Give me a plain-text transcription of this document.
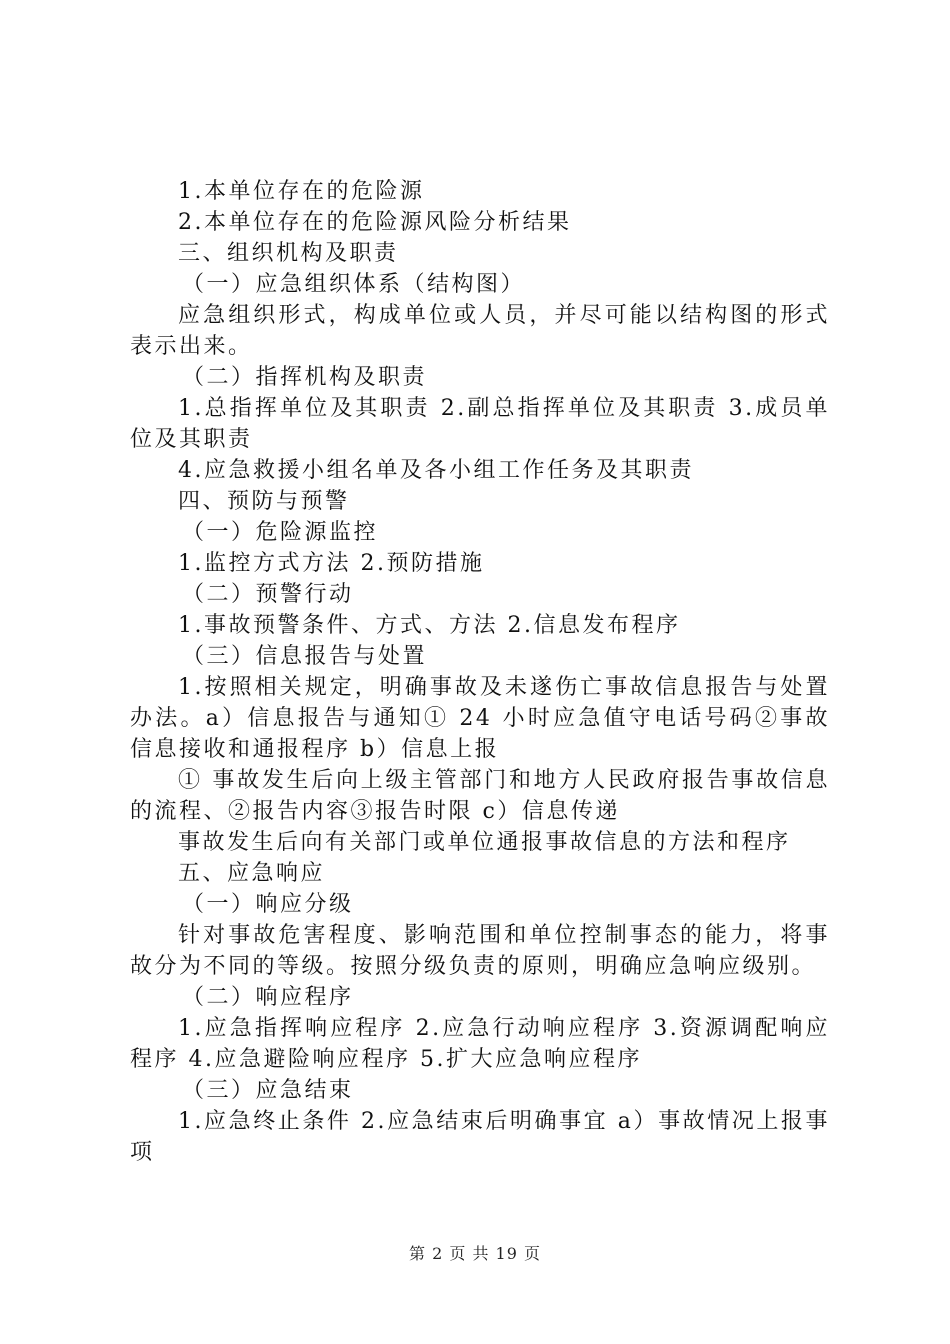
1.本单位存在的危险源

2.本单位存在的危险源风险分析结果

三、组织机构及职责

（一）应急组织体系（结构图）

应急组织形式，构成单位或人员，并尽可能以结构图的形式表示出来。

（二）指挥机构及职责

1.总指挥单位及其职责 2.副总指挥单位及其职责 3.成员单位及其职责

4.应急救援小组名单及各小组工作任务及其职责

四、预防与预警

（一）危险源监控

1.监控方式方法 2.预防措施

（二）预警行动

1.事故预警条件、方式、方法 2.信息发布程序

（三）信息报告与处置

1.按照相关规定，明确事故及未遂伤亡事故信息报告与处置办法。a）信息报告与通知① 24 小时应急值守电话号码②事故信息接收和通报程序 b）信息上报

① 事故发生后向上级主管部门和地方人民政府报告事故信息的流程、②报告内容③报告时限 c）信息传递

事故发生后向有关部门或单位通报事故信息的方法和程序

五、应急响应

（一）响应分级

针对事故危害程度、影响范围和单位控制事态的能力，将事故分为不同的等级。按照分级负责的原则，明确应急响应级别。

（二）响应程序

1.应急指挥响应程序 2.应急行动响应程序 3.资源调配响应程序 4.应急避险响应程序 5.扩大应急响应程序

（三）应急结束

1.应急终止条件 2.应急结束后明确事宜 a）事故情况上报事项

第 2 页 共 19 页
